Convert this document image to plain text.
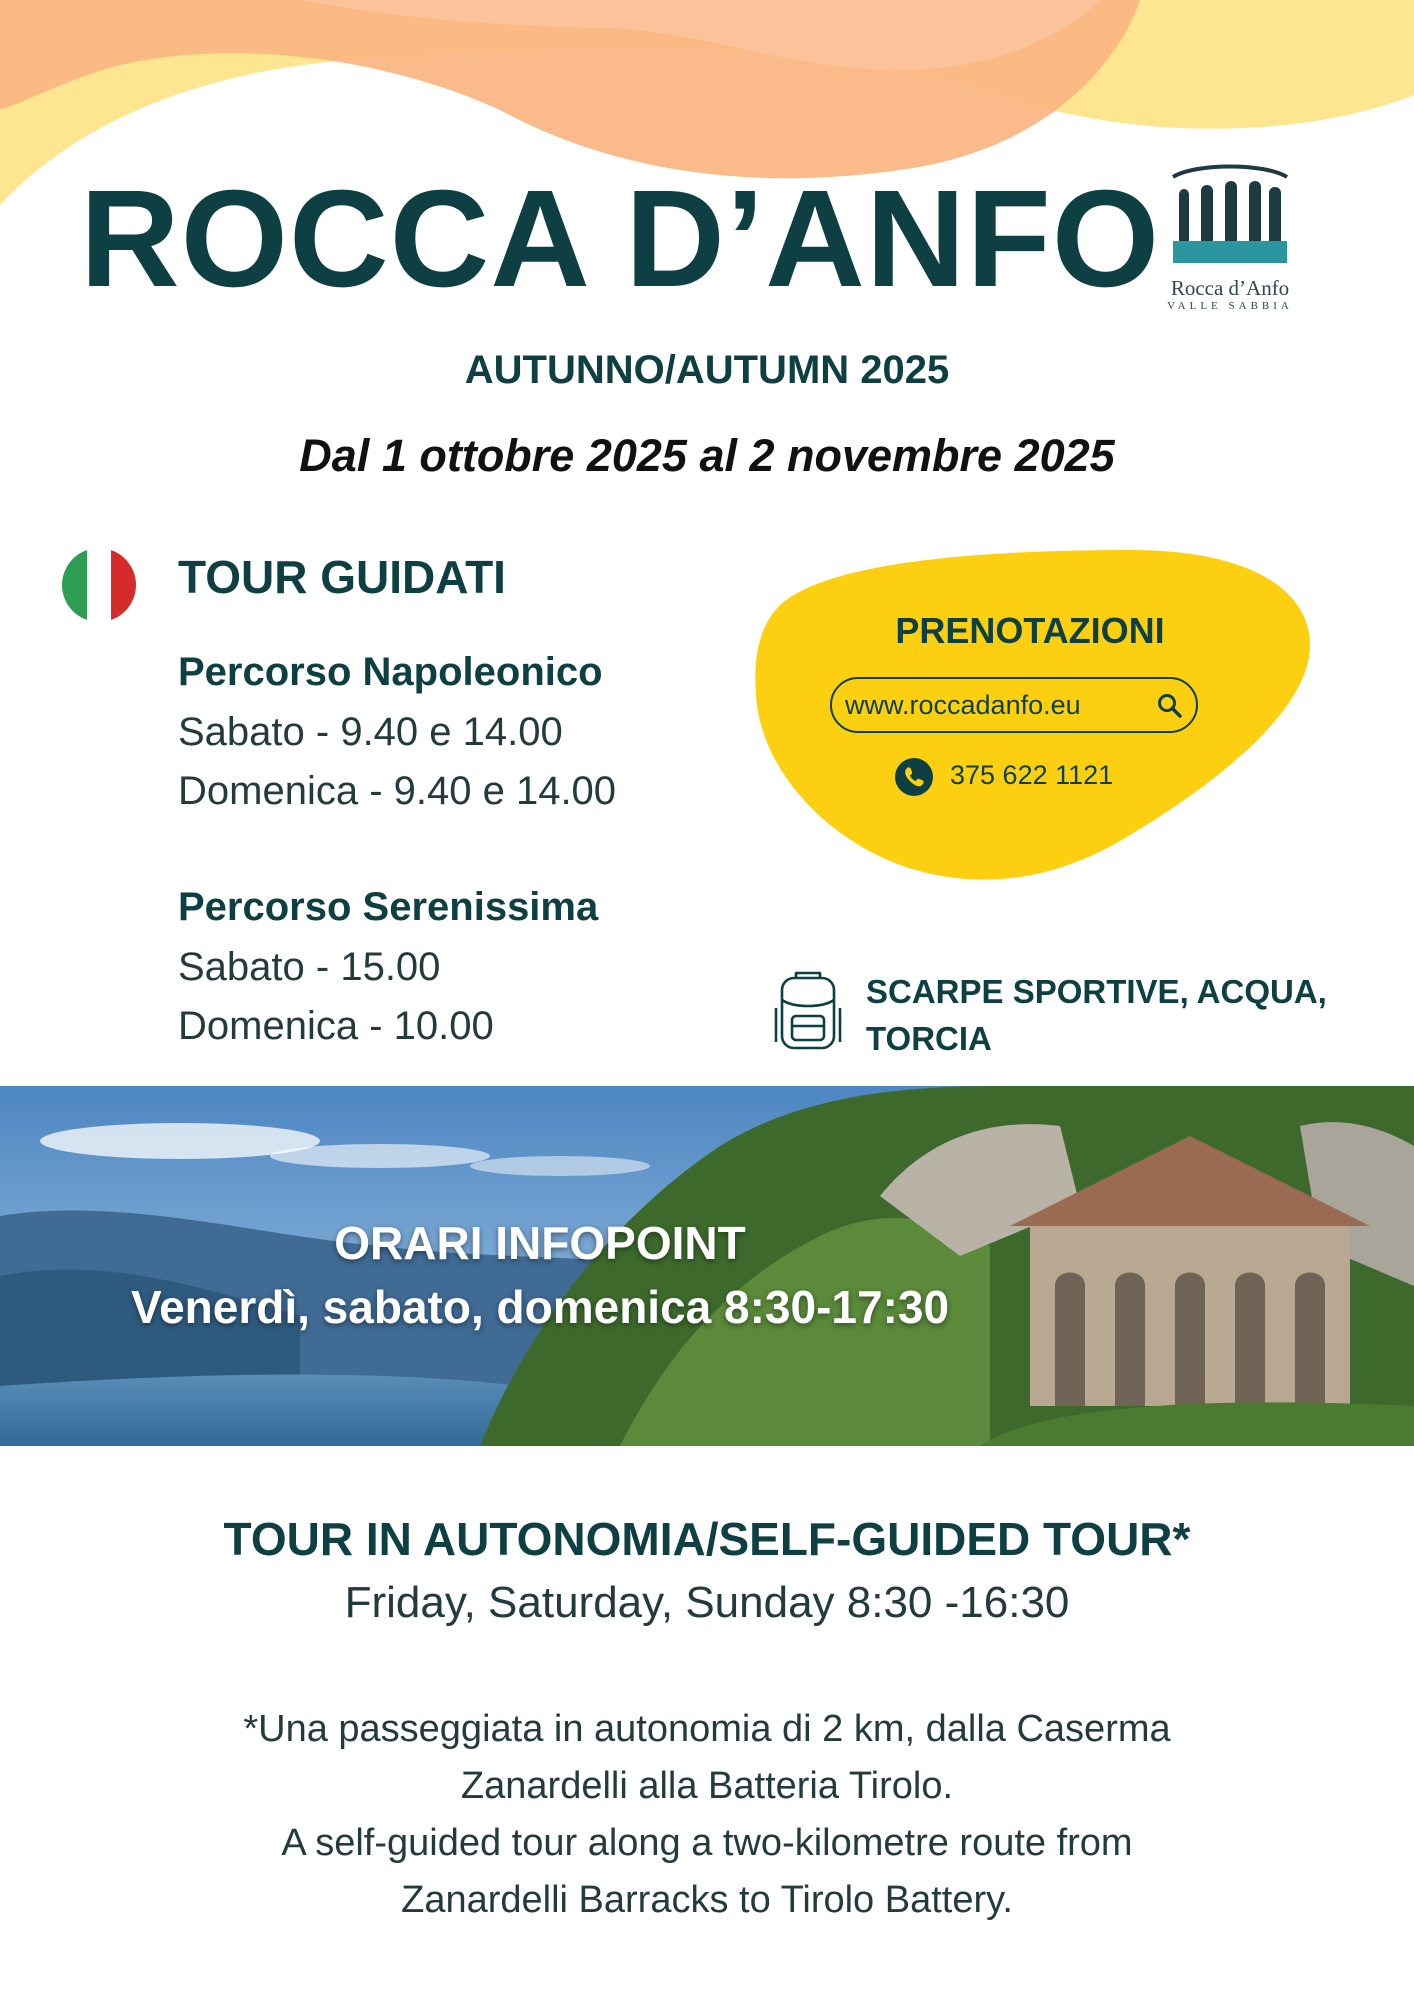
ROCCA D’ANFO Rocca d’Anfo
VALLE SABBIA
AUTUNNO/AUTUMN 2025
Dal 1 ottobre 2025 al 2 novembre 2025
TOUR GUIDATI
Percorso Napoleonico
Sabato - 9.40 e 14.00
Domenica - 9.40 e 14.00
Percorso Serenissima
Sabato - 15.00
Domenica - 10.00
PRENOTAZIONI
www.roccadanfo.eu
375 622 1121
SCARPE SPORTIVE, ACQUA,
TORCIA
ORARI INFOPOINT
Venerdì, sabato, domenica 8:30-17:30
TOUR IN AUTONOMIA/SELF-GUIDED TOUR*
Friday, Saturday, Sunday 8:30 -16:30
*Una passeggiata in autonomia di 2 km, dalla Caserma
Zanardelli alla Batteria Tirolo.
A self-guided tour along a two-kilometre route from
Zanardelli Barracks to Tirolo Battery.
